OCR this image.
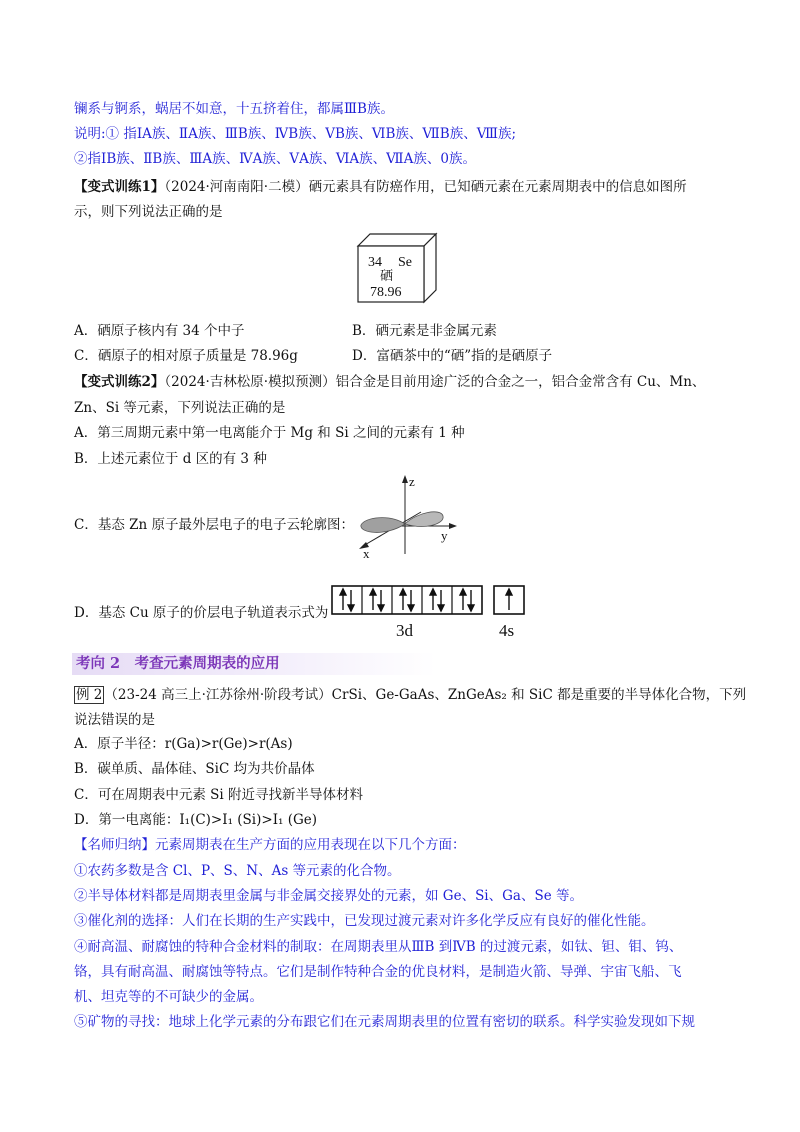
镧系与锕系，蜗居不如意，十五挤着住，都属ⅢB族。
说明:① 指ⅠA族、ⅡA族、ⅢB族、ⅣB族、ⅤB族、ⅥB族、ⅦB族、Ⅷ族;
②指ⅠB族、ⅡB族、ⅢA族、ⅣA族、ⅤA族、ⅥA族、ⅦA族、0族。
【变式训练1】（2024·河南南阳·二模）硒元素具有防癌作用，已知硒元素在元素周期表中的信息如图所
示，则下列说法正确的是
34 Se
硒
78.96
A．硒原子核内有 34 个中子	B．硒元素是非金属元素
C．硒原子的相对原子质量是 78.96g	D．富硒茶中的“硒”指的是硒原子
【变式训练2】（2024·吉林松原·模拟预测）铝合金是目前用途广泛的合金之一，铝合金常含有 Cu、Mn、
Zn、Si 等元素，下列说法正确的是
A．第三周期元素中第一电离能介于 Mg 和 Si 之间的元素有 1 种
B．上述元素位于 d 区的有 3 种
z
y
x
C．基态 Zn 原子最外层电子的电子云轮廓图：
D．基态 Cu 原子的价层电子轨道表示式为
3d	4s
考向 2　考查元素周期表的应用
例 2 （23-24 高三上·江苏徐州·阶段考试）CrSi、Ge-GaAs、ZnGeAs₂ 和 SiC 都是重要的半导体化合物，下列
说法错误的是
A．原子半径：r(Ga)>r(Ge)>r(As)
B．碳单质、晶体硅、SiC 均为共价晶体
C．可在周期表中元素 Si 附近寻找新半导体材料
D．第一电离能：I₁(C)>I₁ (Si)>I₁ (Ge)
【名师归纳】元素周期表在生产方面的应用表现在以下几个方面：
①农药多数是含 Cl、P、S、N、As 等元素的化合物。
②半导体材料都是周期表里金属与非金属交接界处的元素，如 Ge、Si、Ga、Se 等。
③催化剂的选择：人们在长期的生产实践中，已发现过渡元素对许多化学反应有良好的催化性能。
④耐高温、耐腐蚀的特种合金材料的制取：在周期表里从ⅢB 到ⅣB 的过渡元素，如钛、钽、钼、钨、
铬，具有耐高温、耐腐蚀等特点。它们是制作特种合金的优良材料，是制造火箭、导弹、宇宙飞船、飞
机、坦克等的不可缺少的金属。
⑤矿物的寻找：地球上化学元素的分布跟它们在元素周期表里的位置有密切的联系。科学实验发现如下规
